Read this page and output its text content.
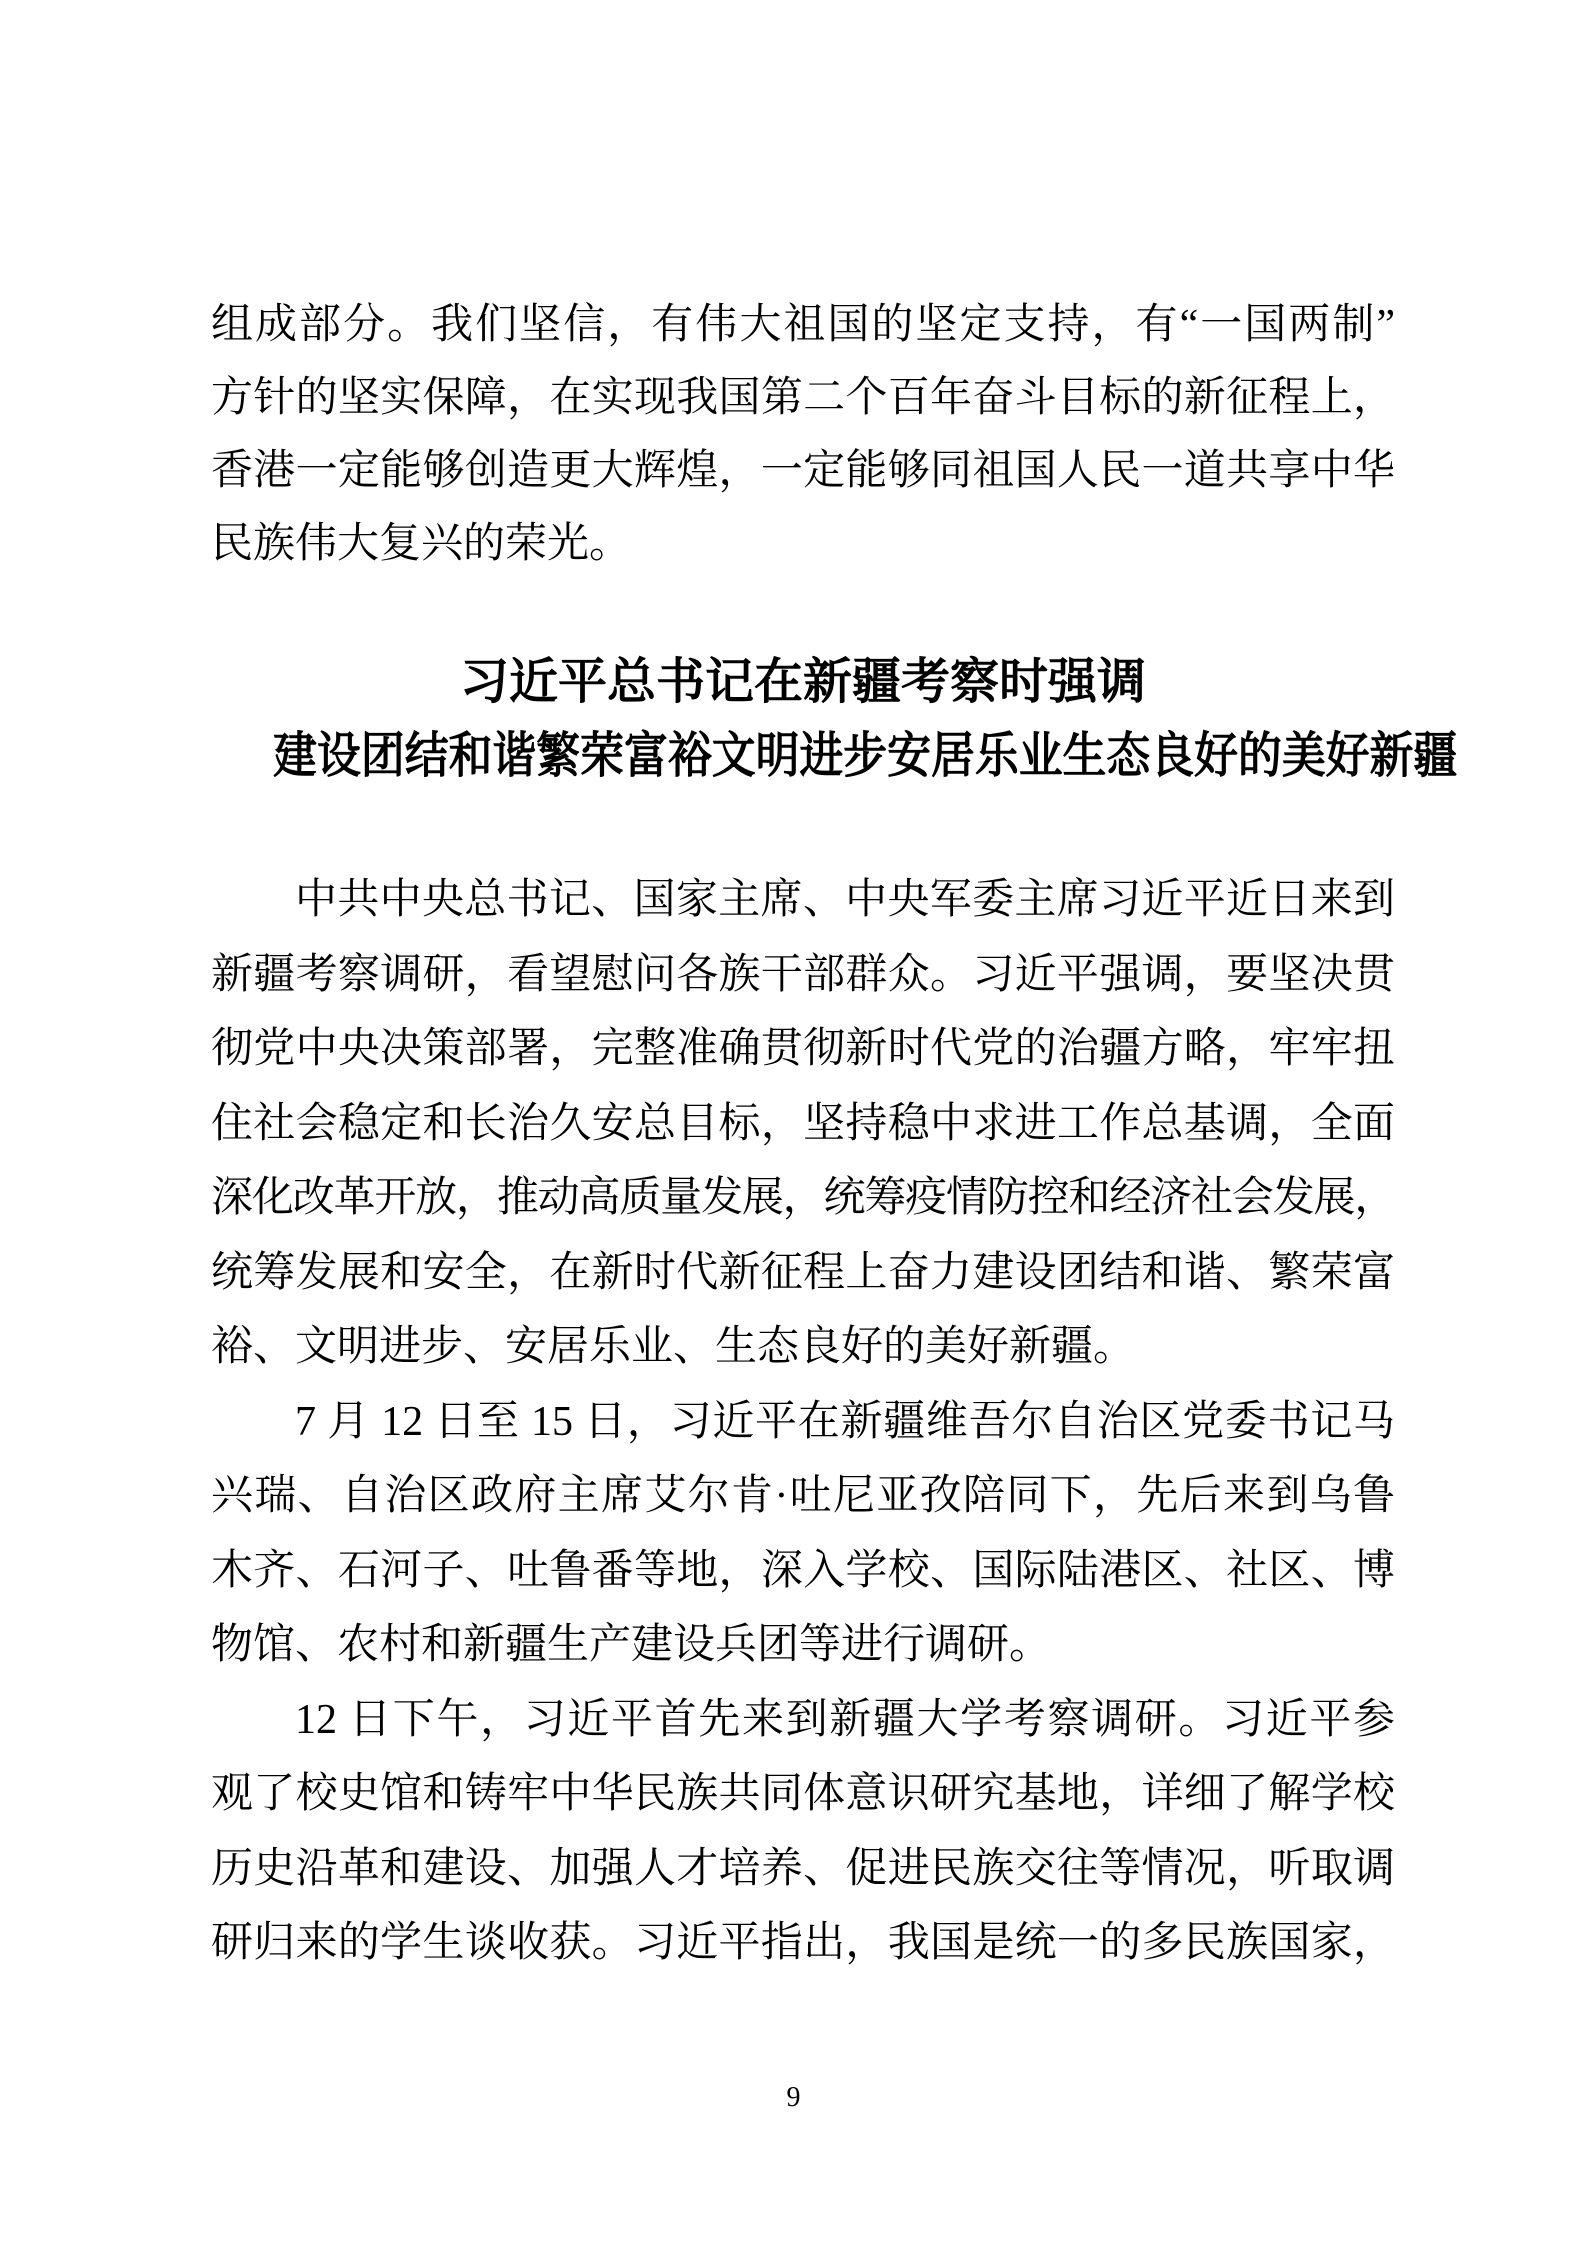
组成部分。我们坚信，有伟大祖国的坚定支持，有“一国两制”
方针的坚实保障，在实现我国第二个百年奋斗目标的新征程上，
香港一定能够创造更大辉煌，一定能够同祖国人民一道共享中华
民族伟大复兴的荣光。
习近平总书记在新疆考察时强调
建设团结和谐繁荣富裕文明进步安居乐业生态良好的美好新疆
中共中央总书记、国家主席、中央军委主席习近平近日来到
新疆考察调研，看望慰问各族干部群众。习近平强调，要坚决贯
彻党中央决策部署，完整准确贯彻新时代党的治疆方略，牢牢扭
住社会稳定和长治久安总目标，坚持稳中求进工作总基调，全面
深化改革开放，推动高质量发展，统筹疫情防控和经济社会发展，
统筹发展和安全，在新时代新征程上奋力建设团结和谐、繁荣富
裕、文明进步、安居乐业、生态良好的美好新疆。
7 月 12 日至 15 日，习近平在新疆维吾尔自治区党委书记马
兴瑞、自治区政府主席艾尔肯·吐尼亚孜陪同下，先后来到乌鲁
木齐、石河子、吐鲁番等地，深入学校、国际陆港区、社区、博
物馆、农村和新疆生产建设兵团等进行调研。
12 日下午，习近平首先来到新疆大学考察调研。习近平参
观了校史馆和铸牢中华民族共同体意识研究基地，详细了解学校
历史沿革和建设、加强人才培养、促进民族交往等情况，听取调
研归来的学生谈收获。习近平指出，我国是统一的多民族国家，
9
